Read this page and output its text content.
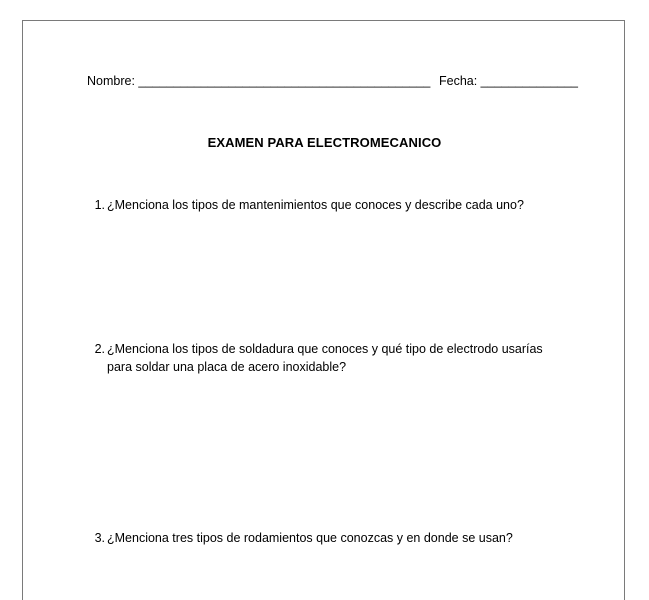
Nombre: __________________________________________ Fecha: ______________
EXAMEN PARA ELECTROMECANICO
1. ¿Menciona los tipos de mantenimientos que conoces y describe cada uno?
2. ¿Menciona los tipos de soldadura que conoces y qué tipo de electrodo usarías para soldar una placa de acero inoxidable?
3. ¿Menciona tres tipos de rodamientos que conozcas y en donde se usan?
